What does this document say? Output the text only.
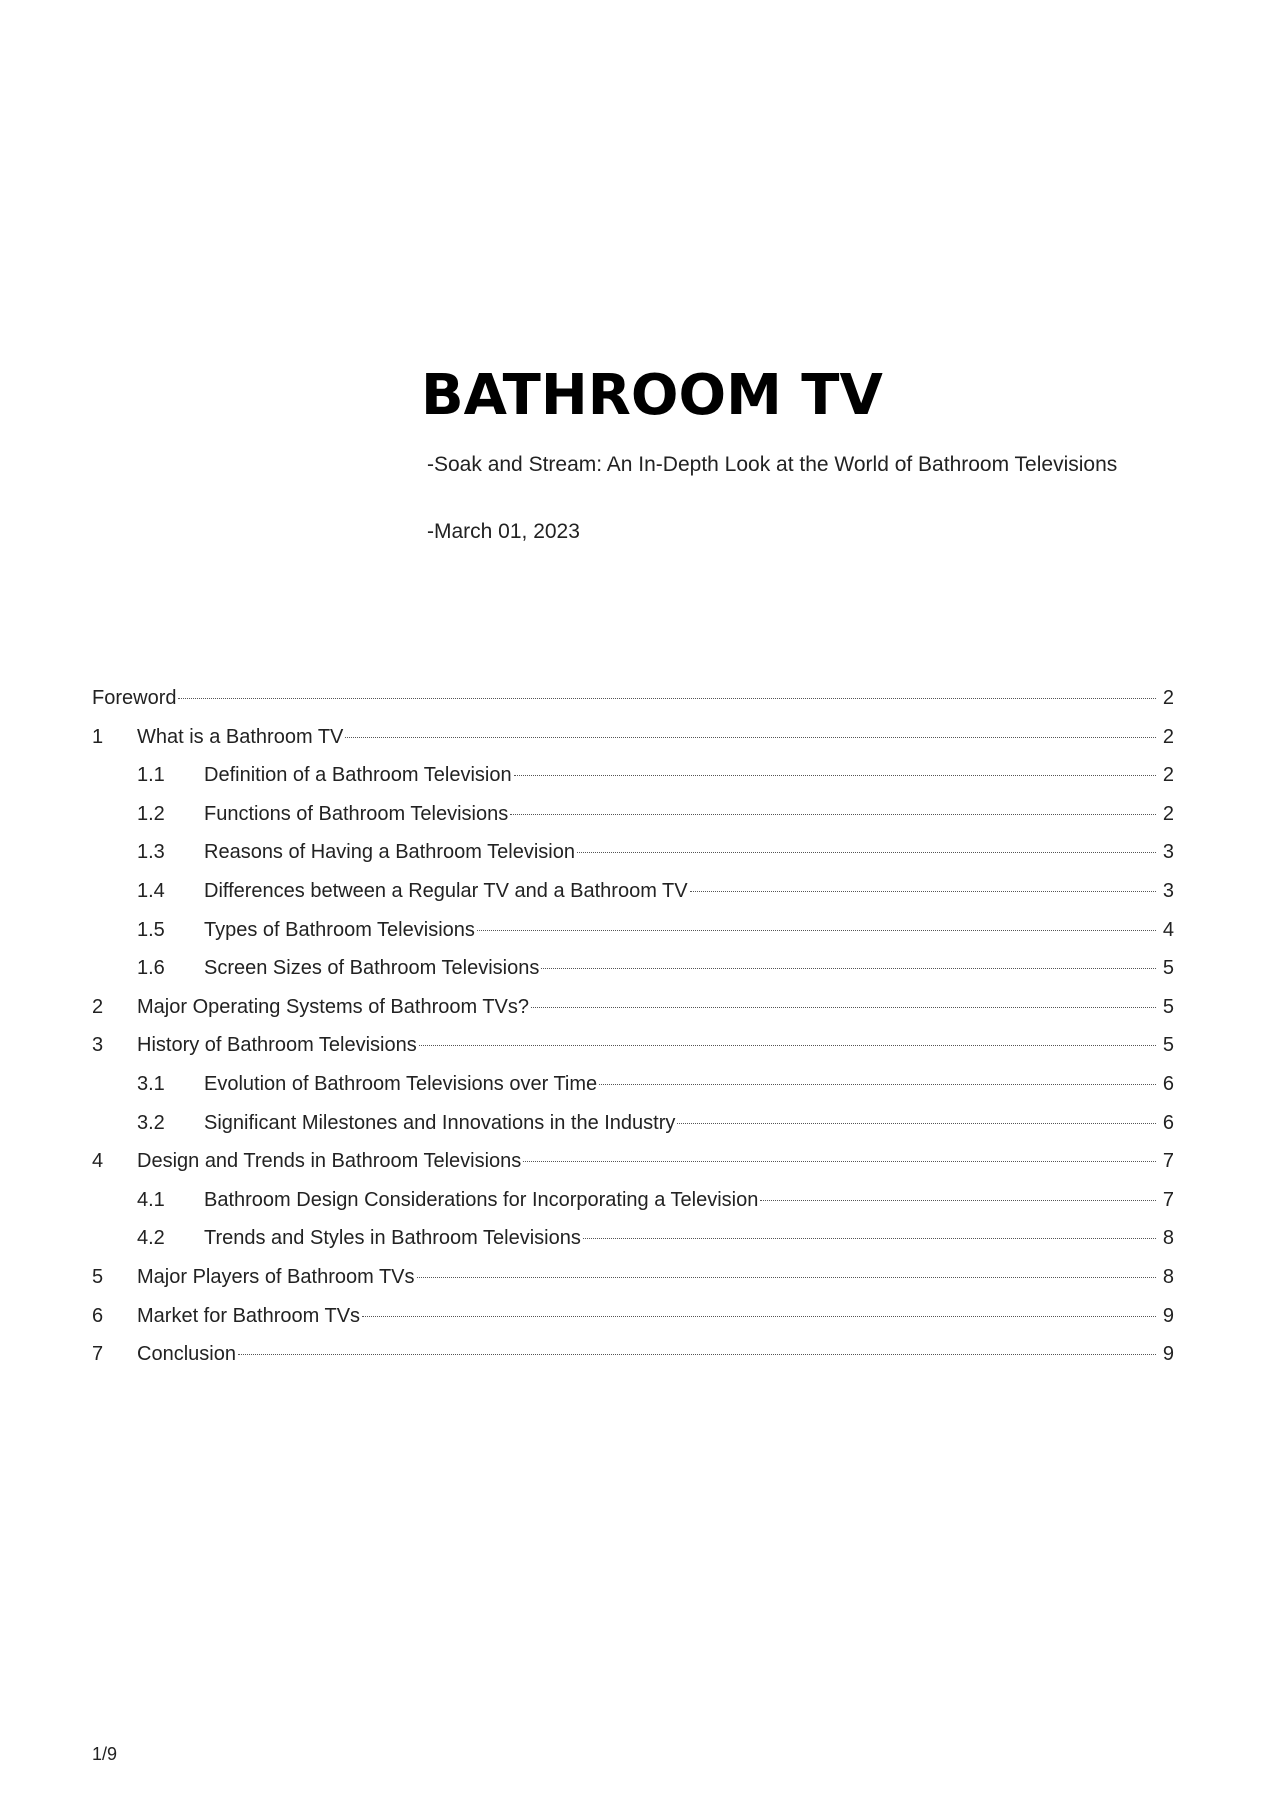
BATHROOM TV
-Soak and Stream: An In-Depth Look at the World of Bathroom Televisions
-March 01, 2023
Foreword	2
1	What is a Bathroom TV	2
1.1	Definition of a Bathroom Television	2
1.2	Functions of Bathroom Televisions	2
1.3	Reasons of Having a Bathroom Television	3
1.4	Differences between a Regular TV and a Bathroom TV	3
1.5	Types of Bathroom Televisions	4
1.6	Screen Sizes of Bathroom Televisions	5
2	Major Operating Systems of Bathroom TVs?	5
3	History of Bathroom Televisions	5
3.1	Evolution of Bathroom Televisions over Time	6
3.2	Significant Milestones and Innovations in the Industry	6
4	Design and Trends in Bathroom Televisions	7
4.1	Bathroom Design Considerations for Incorporating a Television	7
4.2	Trends and Styles in Bathroom Televisions	8
5	Major Players of Bathroom TVs	8
6	Market for Bathroom TVs	9
7	Conclusion	9
1/9
